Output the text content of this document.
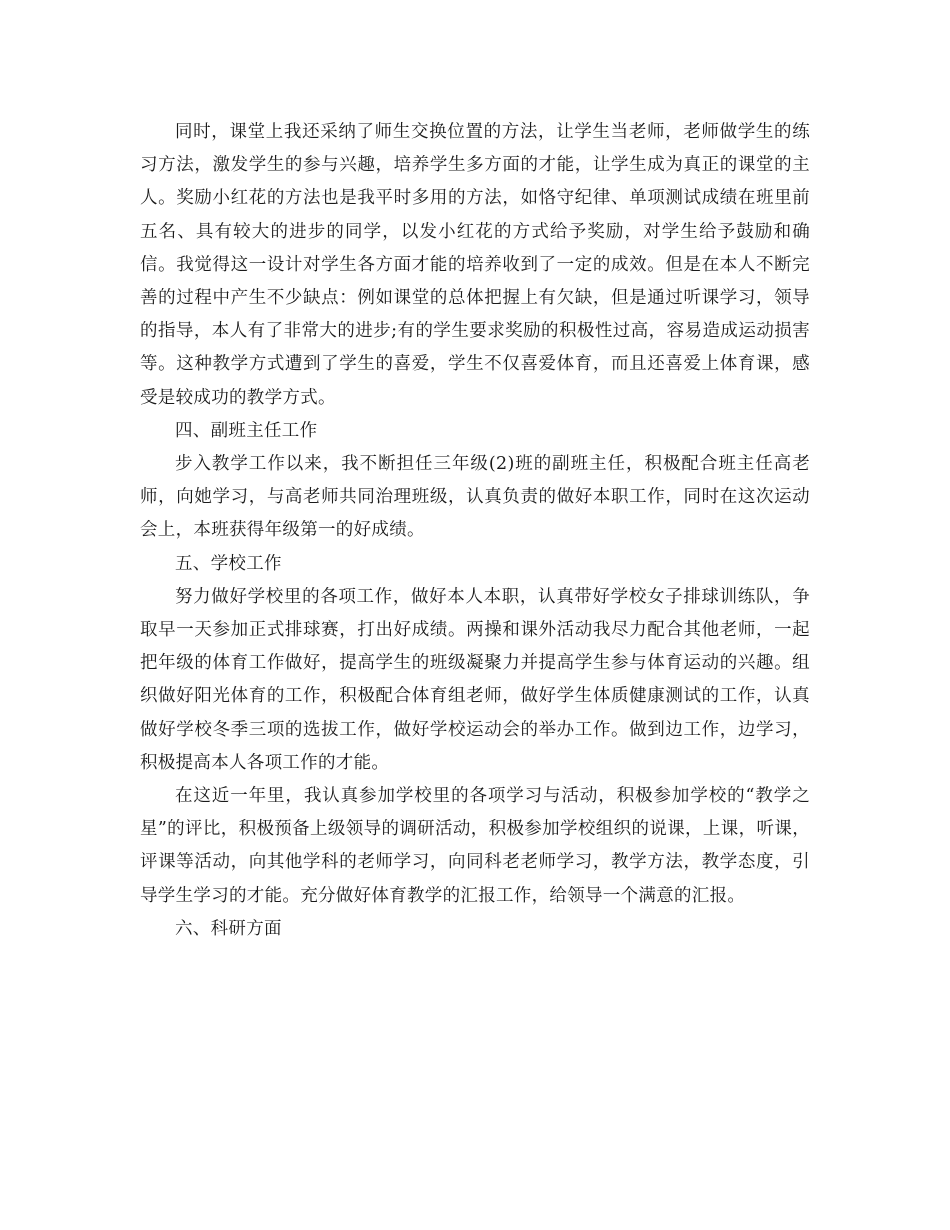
同时，课堂上我还采纳了师生交换位置的方法，让学生当老师，老师做学生的练习方法，激发学生的参与兴趣，培养学生多方面的才能，让学生成为真正的课堂的主人。奖励小红花的方法也是我平时多用的方法，如恪守纪律、单项测试成绩在班里前五名、具有较大的进步的同学，以发小红花的方式给予奖励，对学生给予鼓励和确信。我觉得这一设计对学生各方面才能的培养收到了一定的成效。但是在本人不断完善的过程中产生不少缺点：例如课堂的总体把握上有欠缺，但是通过听课学习，领导的指导，本人有了非常大的进步;有的学生要求奖励的积极性过高，容易造成运动损害等。这种教学方式遭到了学生的喜爱，学生不仅喜爱体育，而且还喜爱上体育课，感受是较成功的教学方式。

四、副班主任工作

步入教学工作以来，我不断担任三年级(2)班的副班主任，积极配合班主任高老师，向她学习，与高老师共同治理班级，认真负责的做好本职工作，同时在这次运动会上，本班获得年级第一的好成绩。

五、学校工作

努力做好学校里的各项工作，做好本人本职，认真带好学校女子排球训练队，争取早一天参加正式排球赛，打出好成绩。两操和课外活动我尽力配合其他老师，一起把年级的体育工作做好，提高学生的班级凝聚力并提高学生参与体育运动的兴趣。组织做好阳光体育的工作，积极配合体育组老师，做好学生体质健康测试的工作，认真做好学校冬季三项的选拔工作，做好学校运动会的举办工作。做到边工作，边学习，积极提高本人各项工作的才能。

在这近一年里，我认真参加学校里的各项学习与活动，积极参加学校的“教学之星”的评比，积极预备上级领导的调研活动，积极参加学校组织的说课，上课，听课，评课等活动，向其他学科的老师学习，向同科老老师学习，教学方法，教学态度，引导学生学习的才能。充分做好体育教学的汇报工作，给领导一个满意的汇报。

六、科研方面
